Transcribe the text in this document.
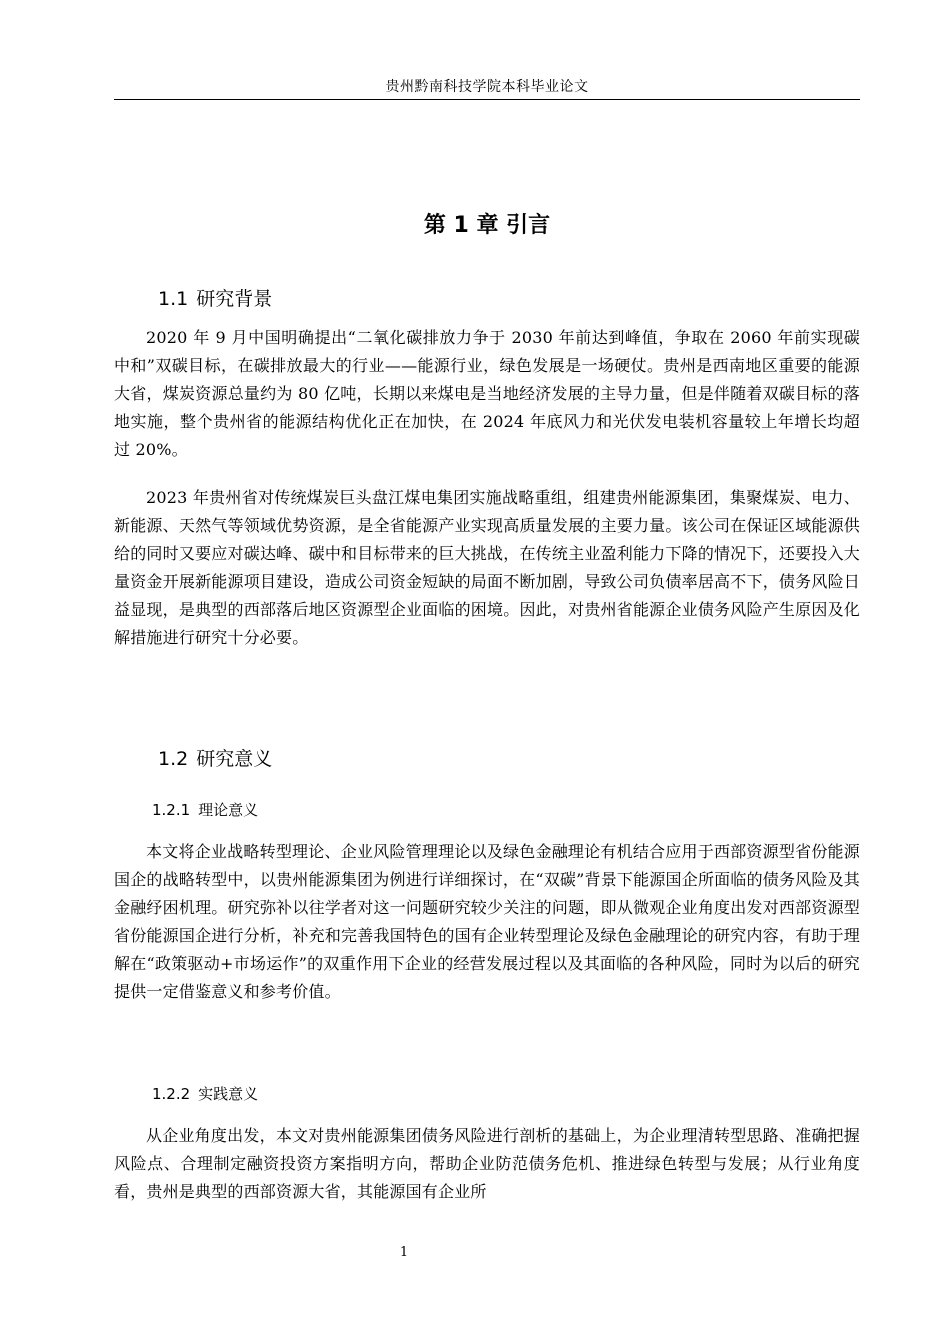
贵州黔南科技学院本科毕业论文
第 1 章 引言
1.1 研究背景

2020 年 9 月中国明确提出“二氧化碳排放力争于 2030 年前达到峰值，争取在 2060 年前实现碳中和”双碳目标，在碳排放最大的行业——能源行业，绿色发展是一场硬仗。贵州是西南地区重要的能源大省，煤炭资源总量约为 80 亿吨，长期以来煤电是当地经济发展的主导力量，但是伴随着双碳目标的落地实施，整个贵州省的能源结构优化正在加快，在 2024 年底风力和光伏发电装机容量较上年增长均超过 20%。

2023 年贵州省对传统煤炭巨头盘江煤电集团实施战略重组，组建贵州能源集团，集聚煤炭、电力、新能源、天然气等领域优势资源，是全省能源产业实现高质量发展的主要力量。该公司在保证区域能源供给的同时又要应对碳达峰、碳中和目标带来的巨大挑战，在传统主业盈利能力下降的情况下，还要投入大量资金开展新能源项目建设，造成公司资金短缺的局面不断加剧，导致公司负债率居高不下，债务风险日益显现，是典型的西部落后地区资源型企业面临的困境。因此，对贵州省能源企业债务风险产生原因及化解措施进行研究十分必要。

1.2 研究意义
1.2.1 理论意义

本文将企业战略转型理论、企业风险管理理论以及绿色金融理论有机结合应用于西部资源型省份能源国企的战略转型中，以贵州能源集团为例进行详细探讨，在“双碳”背景下能源国企所面临的债务风险及其金融纾困机理。研究弥补以往学者对这一问题研究较少关注的问题，即从微观企业角度出发对西部资源型省份能源国企进行分析，补充和完善我国特色的国有企业转型理论及绿色金融理论的研究内容，有助于理解在“政策驱动+市场运作”的双重作用下企业的经营发展过程以及其面临的各种风险，同时为以后的研究提供一定借鉴意义和参考价值。

1.2.2 实践意义

从企业角度出发，本文对贵州能源集团债务风险进行剖析的基础上，为企业理清转型思路、准确把握风险点、合理制定融资投资方案指明方向，帮助企业防范债务危机、推进绿色转型与发展；从行业角度看，贵州是典型的西部资源大省，其能源国有企业所

1
